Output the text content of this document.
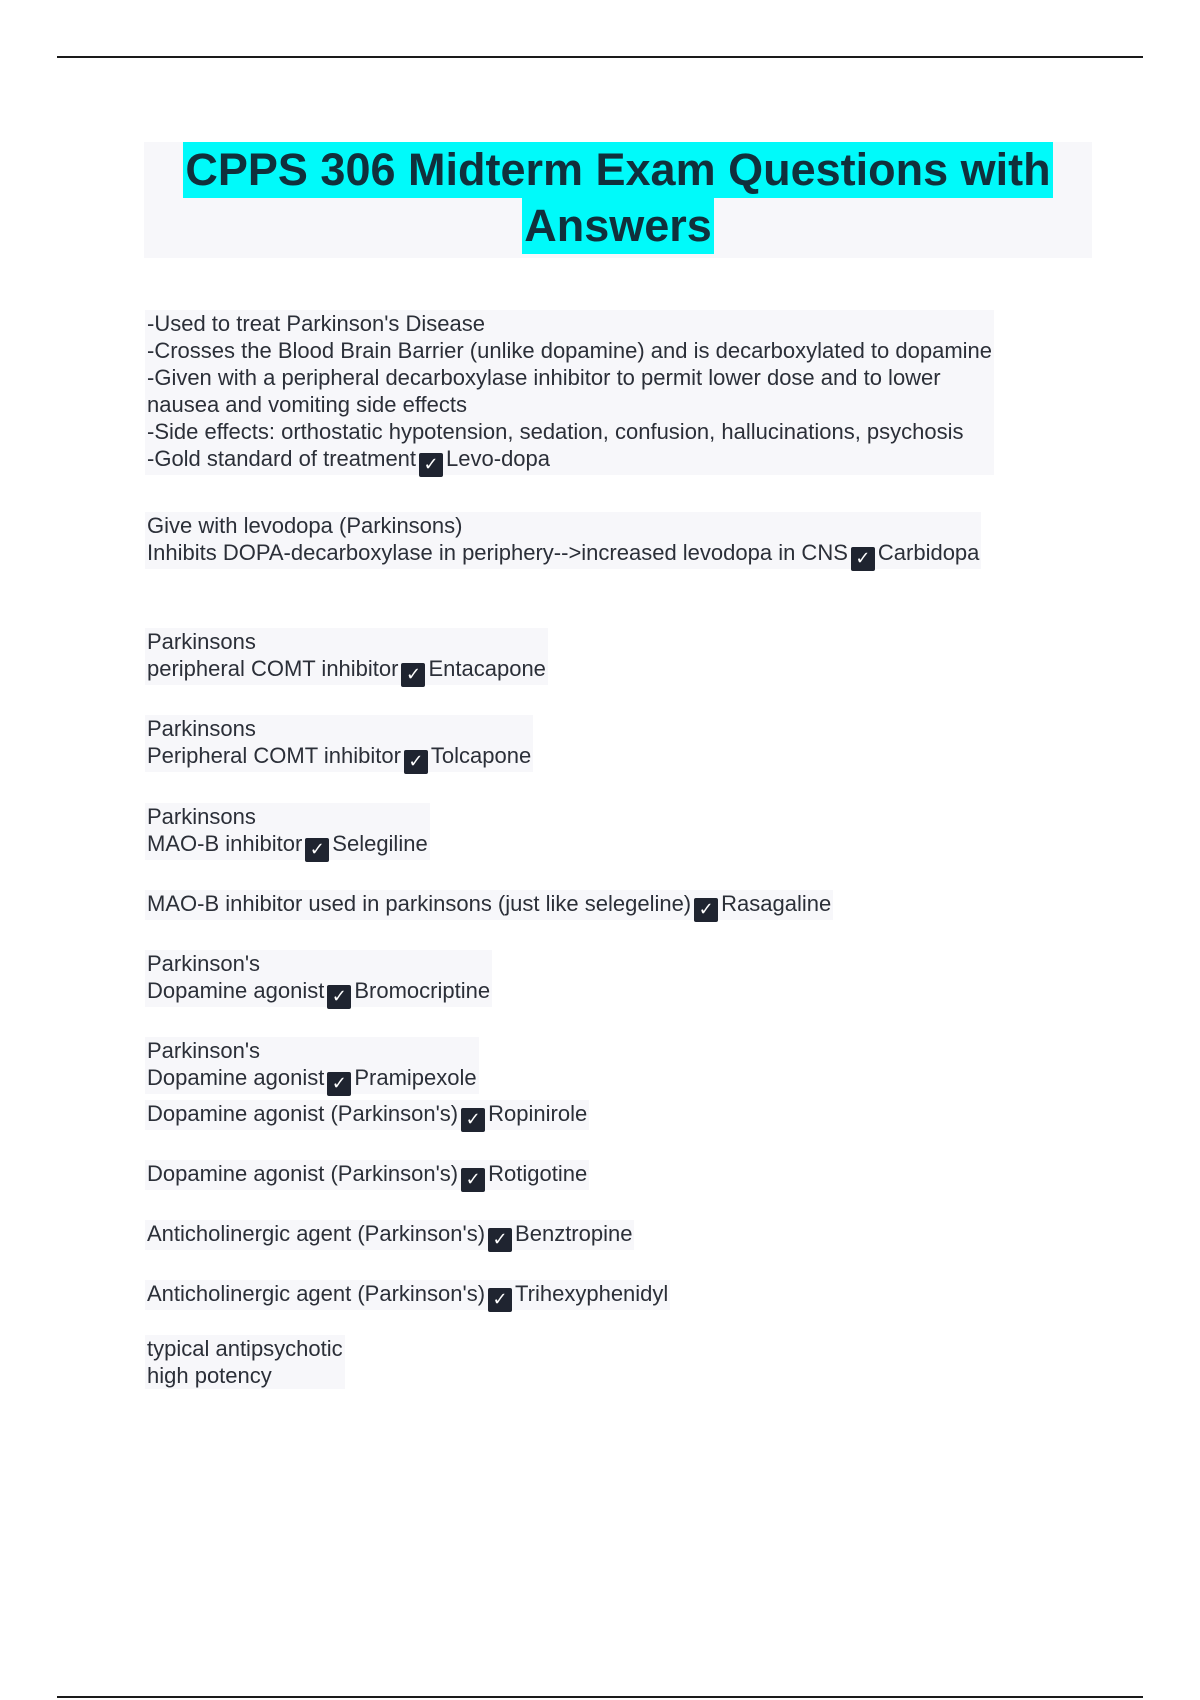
CPPS 306 Midterm Exam Questions with
Answers
-Used to treat Parkinson's Disease
-Crosses the Blood Brain Barrier (unlike dopamine) and is decarboxylated to dopamine
-Given with a peripheral decarboxylase inhibitor to permit lower dose and to lower
nausea and vomiting side effects
-Side effects: orthostatic hypotension, sedation, confusion, hallucinations, psychosis
-Gold standard of treatment ✓ Levo-dopa
Give with levodopa (Parkinsons)
Inhibits DOPA-decarboxylase in periphery-->increased levodopa in CNS ✓ Carbidopa
Parkinsons
peripheral COMT inhibitor ✓ Entacapone
Parkinsons
Peripheral COMT inhibitor ✓ Tolcapone
Parkinsons
MAO-B inhibitor ✓ Selegiline
MAO-B inhibitor used in parkinsons (just like selegeline) ✓ Rasagaline
Parkinson's
Dopamine agonist ✓ Bromocriptine
Parkinson's
Dopamine agonist ✓ Pramipexole
Dopamine agonist (Parkinson's) ✓ Ropinirole
Dopamine agonist (Parkinson's) ✓ Rotigotine
Anticholinergic agent (Parkinson's) ✓ Benztropine
Anticholinergic agent (Parkinson's) ✓ Trihexyphenidyl
typical antipsychotic
high potency
